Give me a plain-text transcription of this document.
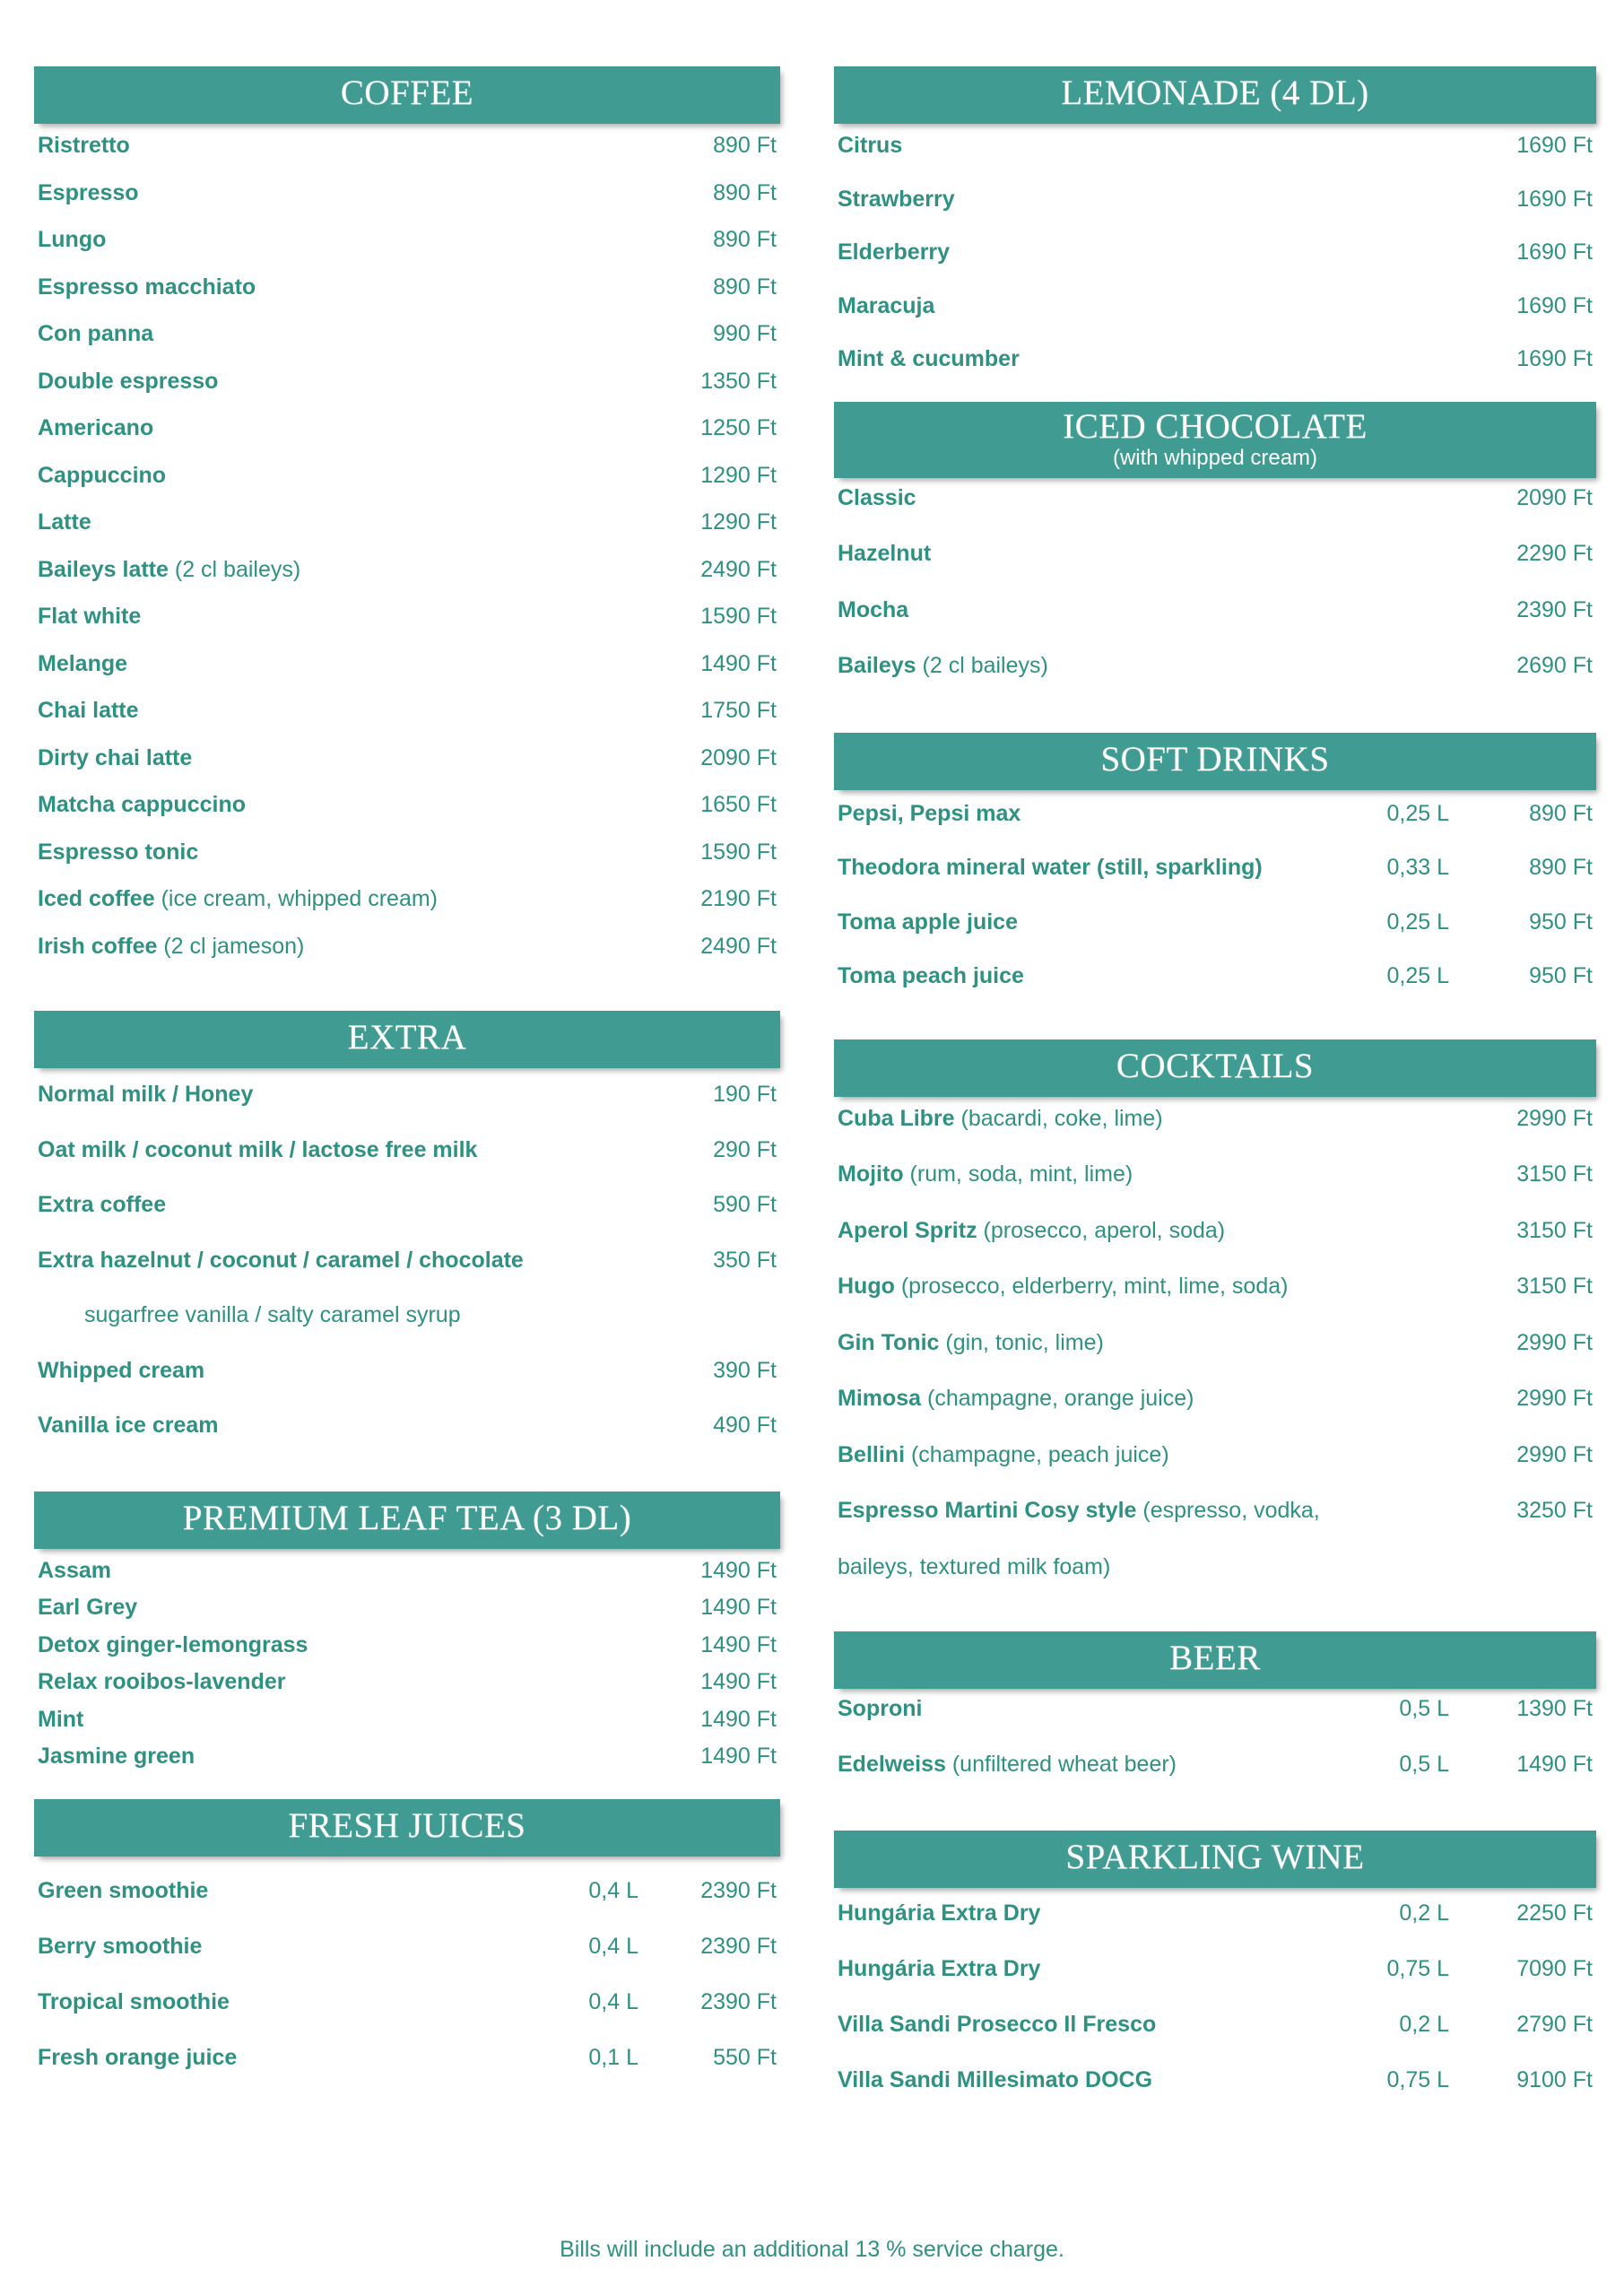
COFFEE
Ristretto	890 Ft
Espresso	890 Ft
Lungo	890 Ft
Espresso macchiato	890 Ft
Con panna	990 Ft
Double espresso	1350 Ft
Americano	1250 Ft
Cappuccino	1290 Ft
Latte	1290 Ft
Baileys latte (2 cl baileys)	2490 Ft
Flat white	1590 Ft
Melange	1490 Ft
Chai latte	1750 Ft
Dirty chai latte	2090 Ft
Matcha cappuccino	1650 Ft
Espresso tonic	1590 Ft
Iced coffee (ice cream, whipped cream)	2190 Ft
Irish coffee (2 cl jameson)	2490 Ft
EXTRA
Normal milk / Honey	190 Ft
Oat milk / coconut milk / lactose free milk	290 Ft
Extra coffee	590 Ft
Extra hazelnut / coconut / caramel / chocolate	350 Ft
sugarfree vanilla / salty caramel syrup
Whipped cream	390 Ft
Vanilla ice cream	490 Ft
PREMIUM LEAF TEA (3 DL)
Assam	1490 Ft
Earl Grey	1490 Ft
Detox ginger-lemongrass	1490 Ft
Relax rooibos-lavender	1490 Ft
Mint	1490 Ft
Jasmine green	1490 Ft
FRESH JUICES
Green smoothie	0,4 L	2390 Ft
Berry smoothie	0,4 L	2390 Ft
Tropical smoothie	0,4 L	2390 Ft
Fresh orange juice	0,1 L	550 Ft
LEMONADE (4 DL)
Citrus	1690 Ft
Strawberry	1690 Ft
Elderberry	1690 Ft
Maracuja	1690 Ft
Mint & cucumber	1690 Ft
ICED CHOCOLATE
(with whipped cream)
Classic	2090 Ft
Hazelnut	2290 Ft
Mocha	2390 Ft
Baileys (2 cl baileys)	2690 Ft
SOFT DRINKS
Pepsi, Pepsi max	0,25 L	890 Ft
Theodora mineral water (still, sparkling)	0,33 L	890 Ft
Toma apple juice	0,25 L	950 Ft
Toma peach juice	0,25 L	950 Ft
COCKTAILS
Cuba Libre (bacardi, coke, lime)	2990 Ft
Mojito (rum, soda, mint, lime)	3150 Ft
Aperol Spritz (prosecco, aperol, soda)	3150 Ft
Hugo (prosecco, elderberry, mint, lime, soda)	3150 Ft
Gin Tonic (gin, tonic, lime)	2990 Ft
Mimosa (champagne, orange juice)	2990 Ft
Bellini (champagne, peach juice)	2990 Ft
Espresso Martini Cosy style (espresso, vodka,	3250 Ft
baileys, textured milk foam)
BEER
Soproni	0,5 L	1390 Ft
Edelweiss (unfiltered wheat beer)	0,5 L	1490 Ft
SPARKLING WINE
Hungária Extra Dry	0,2 L	2250 Ft
Hungária Extra Dry	0,75 L	7090 Ft
Villa Sandi Prosecco Il Fresco	0,2 L	2790 Ft
Villa Sandi Millesimato DOCG	0,75 L	9100 Ft
Bills will include an additional 13 % service charge.
